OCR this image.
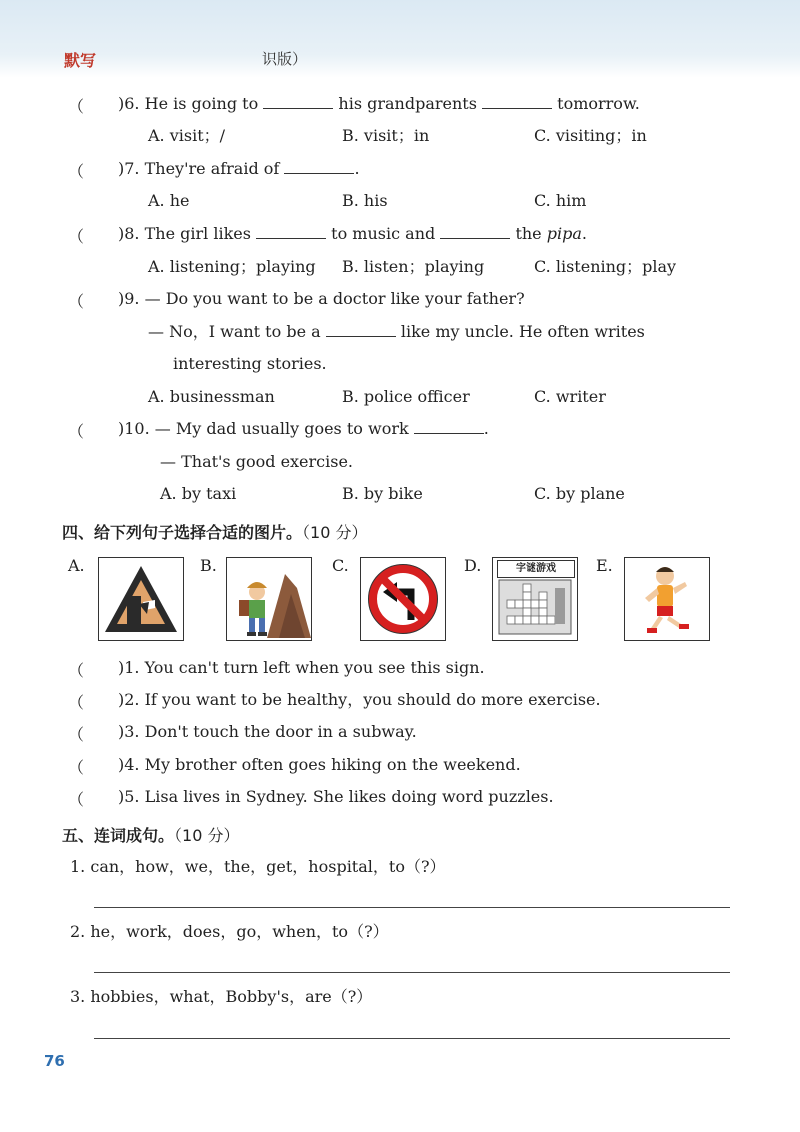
默写	识版）
（ )6. He is going to	his grandparents	tomorrow.
A. visit；/	B. visit；in	C. visiting；in
（ )7. They're afraid of	.
A. he	B. his	C. him
（ )8. The girl likes	to music and	the pipa.
A. listening；playing B. listen；playing	C. listening；play
（ )9. — Do you want to be a doctor like your father?
— No，I want to be a	like my uncle. He often writes
interesting stories.
A. businessman	B. police officer	C. writer
（ )10. — My dad usually goes to work	.
— That's good exercise.
A. by taxi	B. by bike	C. by plane
四、给下列句子选择合适的图片。（10 分）
A.	B.	C.	D.	E.
字谜游戏
（ )1. You can't turn left when you see this sign.
（ )2. If you want to be healthy，you should do more exercise.
（ )3. Don't touch the door in a subway.
（ )4. My brother often goes hiking on the weekend.
（ )5. Lisa lives in Sydney. She likes doing word puzzles.
五、连词成句。（10 分）
1. can，how，we，the，get，hospital，to（?）
2. he，work，does，go，when，to（?）
3. hobbies，what，Bobby's，are（?）
76
